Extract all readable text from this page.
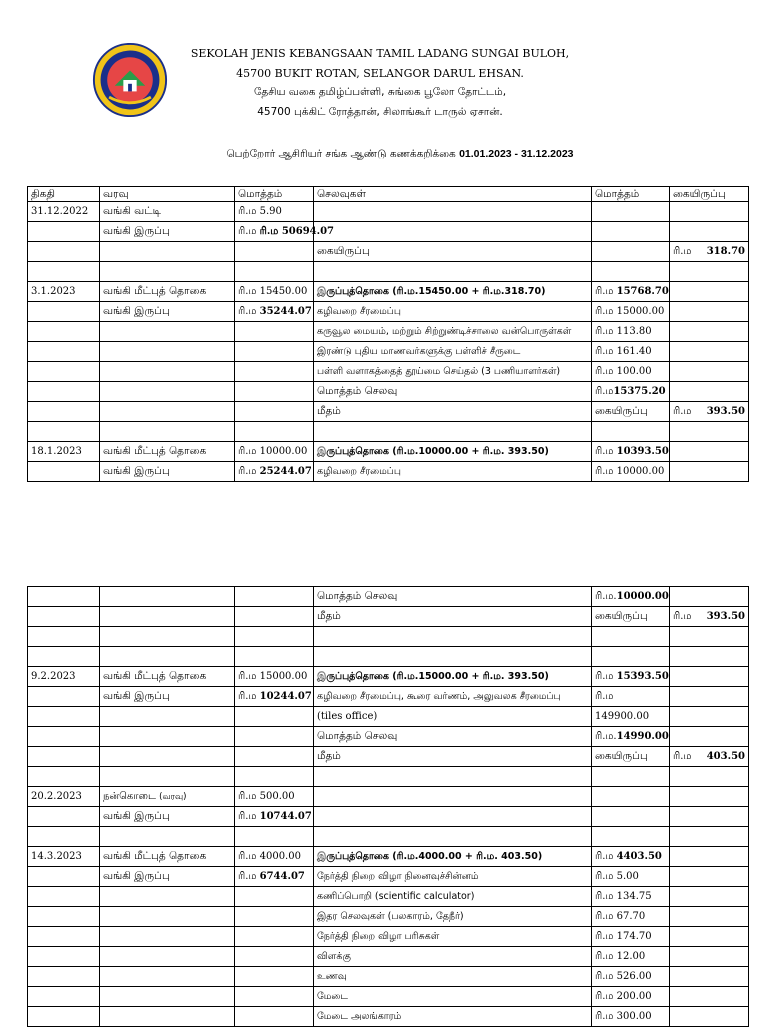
SEKOLAH JENIS KEBANGSAAN TAMIL LADANG SUNGAI BULOH,
45700 BUKIT ROTAN, SELANGOR DARUL EHSAN.
தேசிய வகை தமிழ்ப்பள்ளி, சுங்கை பூலோ தோட்டம்,
45700 புக்கிட் ரோத்தான், சிலாங்கூர் டாருல் ஏசான்.
பெற்றோர் ஆசிரியர் சங்க ஆண்டு கணக்கறிக்கை 01.01.2023 - 31.12.2023
திகதி	வரவு	மொத்தம்	செலவுகள்	மொத்தம்	கையிருப்பு
31.12.2022	வங்கி வட்டி	ரி.ம 5.90			
	வங்கி இருப்பு	ரி.ம ரி.ம 50694.07			
			கையிருப்பு		ரி.ம 318.70

3.1.2023	வங்கி மீட்புத் தொகை	ரி.ம 15450.00	இருப்புத்தொகை (ரி.ம.15450.00 + ரி.ம.318.70)	ரி.ம 15768.70	
	வங்கி இருப்பு	ரி.ம 35244.07	கழிவறை சீரமைப்பு	ரி.ம 15000.00	
			கருவூல மையம், மற்றும் சிற்றுண்டிச்சாலை வன்பொருள்கள்	ரி.ம 113.80	
			இரண்டு புதிய மாணவர்களுக்கு பள்ளிச் சீருடை	ரி.ம 161.40	
			பள்ளி வளாகத்தைத் தூய்மை செய்தல் (3 பணியாளர்கள்)	ரி.ம 100.00	
			மொத்தம் செலவு	ரி.ம15375.20	
			மீதம்	கையிருப்பு	ரி.ம 393.50

18.1.2023	வங்கி மீட்புத் தொகை	ரி.ம 10000.00	இருப்புத்தொகை (ரி.ம.10000.00 + ரி.ம. 393.50)	ரி.ம 10393.50	
	வங்கி இருப்பு	ரி.ம 25244.07	கழிவறை சீரமைப்பு	ரி.ம 10000.00	
			மொத்தம் செலவு	ரி.ம.10000.00	
			மீதம்	கையிருப்பு	ரி.ம 393.50

9.2.2023	வங்கி மீட்புத் தொகை	ரி.ம 15000.00	இருப்புத்தொகை (ரி.ம.15000.00 + ரி.ம. 393.50)	ரி.ம 15393.50	
	வங்கி இருப்பு	ரி.ம 10244.07	கழிவறை சீரமைப்பு, கூரை வர்ணம், அலுவலக சீரமைப்பு	ரி.ம	
			(tiles office)	149900.00	
			மொத்தம் செலவு	ரி.ம.14990.00	
			மீதம்	கையிருப்பு	ரி.ம 403.50

20.2.2023	நன்கொடை (வரவு)	ரி.ம 500.00			
	வங்கி இருப்பு	ரி.ம 10744.07			

14.3.2023	வங்கி மீட்புத் தொகை	ரி.ம 4000.00	இருப்புத்தொகை (ரி.ம.4000.00 + ரி.ம. 403.50)	ரி.ம 4403.50	
	வங்கி இருப்பு	ரி.ம 6744.07	நேர்த்தி நிறை விழா நினைவுச்சின்னம்	ரி.ம 5.00	
			கணிப்பொறி (scientific calculator)	ரி.ம 134.75	
			இதர செலவுகள் (பலகாரம், தேநீர்)	ரி.ம 67.70	
			நேர்த்தி நிறை விழா பரிசுகள்	ரி.ம 174.70	
			விளக்கு	ரி.ம 12.00	
			உணவு	ரி.ம 526.00	
			மேடை	ரி.ம 200.00	
			மேடை அலங்காரம்	ரி.ம 300.00	
